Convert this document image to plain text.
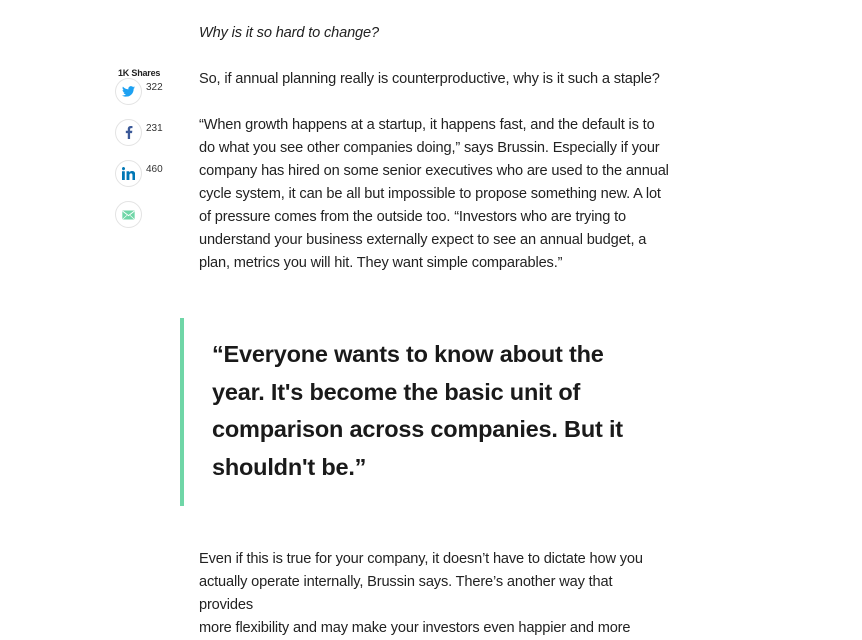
Why is it so hard to change?

1K Shares
322
231
460

So, if annual planning really is counterproductive, why is it such a staple?

“When growth happens at a startup, it happens fast, and the default is to

do what you see other companies doing,” says Brussin. Especially if your

company has hired on some senior executives who are used to the annual

cycle system, it can be all but impossible to propose something new. A lot

of pressure comes from the outside too. “Investors who are trying to

understand your business externally expect to see an annual budget, a

plan, metrics you will hit. They want simple comparables.”

“Everyone wants to know about the
year. It's become the basic unit of
comparison across companies. But it
shouldn't be.”

Even if this is true for your company, it doesn’t have to dictate how you

actually operate internally, Brussin says. There’s another way that provides

more flexibility and may make your investors even happier and more
